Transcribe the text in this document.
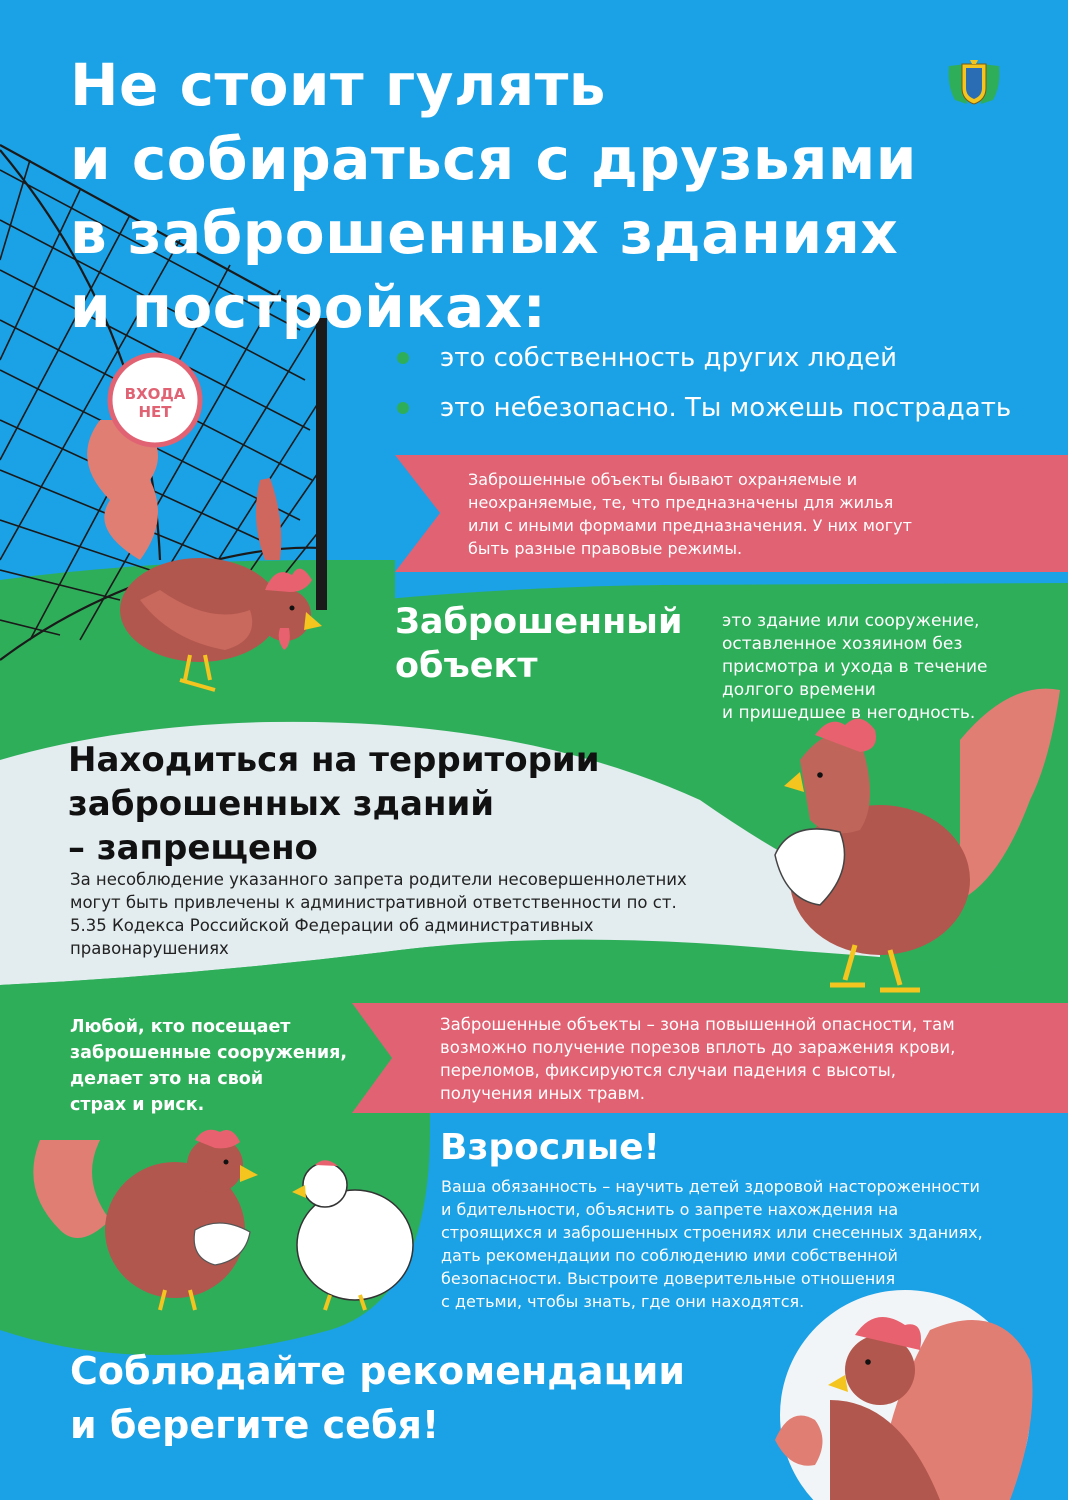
ВХОДА
НЕТ
Не стоит гулять
и собираться с друзьями
в заброшенных зданиях
и постройках:
это собственность других людей
это небезопасно. Ты можешь пострадать
Заброшенные объекты бывают охраняемые и
неохраняемые, те, что предназначены для жилья
или с иными формами предназначения. У них могут
быть разные правовые режимы.
Заброшенный
объект
это здание или сооружение,
оставленное хозяином без
присмотра и ухода в течение
долгого времени
и пришедшее в негодность.
Находиться на территории
заброшенных зданий
– запрещено
За несоблюдение указанного запрета родители несовершеннолетних
могут быть привлечены к административной ответственности по ст.
5.35 Кодекса Российской Федерации об административных
правонарушениях
Любой, кто посещает
заброшенные сооружения,
делает это на свой
страх и риск.
Заброшенные объекты – зона повышенной опасности, там
возможно получение порезов вплоть до заражения крови,
переломов, фиксируются случаи падения с высоты,
получения иных травм.
Взрослые!
Ваша обязанность – научить детей здоровой настороженности
и бдительности, объяснить о запрете нахождения на
строящихся и заброшенных строениях или снесенных зданиях,
дать рекомендации по соблюдению ими собственной
безопасности. Выстроите доверительные отношения
с детьми, чтобы знать, где они находятся.
Соблюдайте рекомендации
и берегите себя!
